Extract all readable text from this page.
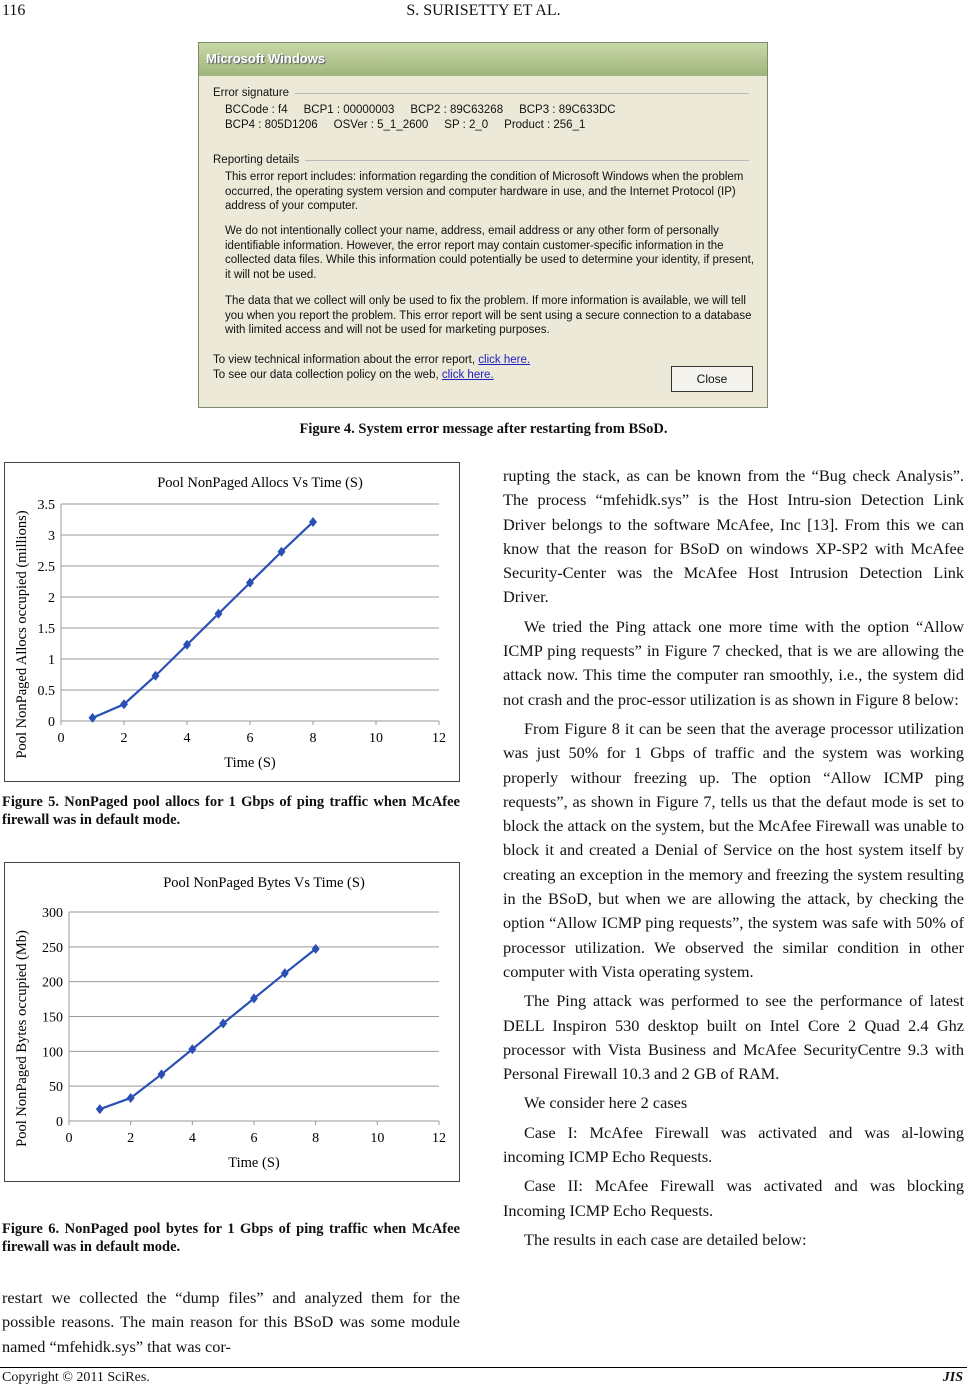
116	S. SURISETTY ET AL.
Microsoft Windows
Error signature
BCCode : f4     BCP1 : 00000003     BCP2 : 89C63268     BCP3 : 89C633DC
BCP4 : 805D1206     OSVer : 5_1_2600     SP : 2_0     Product : 256_1
Reporting details
This error report includes: information regarding the condition of Microsoft Windows when the problem occurred, the operating system version and computer hardware in use, and the Internet Protocol (IP) address of your computer.
We do not intentionally collect your name, address, email address or any other form of personally identifiable information. However, the error report may contain customer-specific information in the collected data files. While this information could potentially be used to determine your identity, if present, it will not be used.
The data that we collect will only be used to fix the problem. If more information is available, we will tell you when you report the problem. This error report will be sent using a secure connection to a database with limited access and will not be used for marketing purposes.
To view technical information about the error report, click here.
To see our data collection policy on the web, click here.	Close
Figure 4. System error message after restarting from BSoD.
0
0.5
1
1.5
2
2.5
3
3.5
0	2	4	6	8	10	12
Pool NonPaged Allocs Vs Time (S)
Time (S)
Pool NonPaged Allocs occupied (millions)
Figure 5. NonPaged pool allocs for 1 Gbps of ping traffic when McAfee firewall was in default mode.
0
50
100
150
200
250
300
0	2	4	6	8	10	12
Pool NonPaged Bytes Vs Time (S)
Time (S)
Pool NonPaged Bytes occupied (Mb)
Figure 6. NonPaged pool bytes for 1 Gbps of ping traffic when McAfee firewall was in default mode.

restart we collected the “dump files” and analyzed them for the possible reasons. The main reason for this BSoD was some module named “mfehidk.sys” that was cor-

rupting the stack, as can be known from the “Bug check Analysis”. The process “mfehidk.sys” is the Host Intru-sion Detection Link Driver belongs to the software McAfee, Inc [13]. From this we can know that the reason for BSoD on windows XP-SP2 with McAfee Security-Center was the McAfee Host Intrusion Detection Link Driver.

We tried the Ping attack one more time with the option “Allow ICMP ping requests” in Figure 7 checked, that is we are allowing the attack now. This time the computer ran smoothly, i.e., the system did not crash and the proc-essor utilization is as shown in Figure 8 below:

From Figure 8 it can be seen that the average processor utilization was just 50% for 1 Gbps of traffic and the system was working properly withour freezing up. The option “Allow ICMP ping requests”, as shown in Figure 7, tells us that the defaut mode is set to block the attack on the system, but the McAfee Firewall was unable to block it and created a Denial of Service on the host system itself by creating an exception in the memory and freezing the system resulting in the BSoD, but when we are allowing the attack, by checking the option “Allow ICMP ping requests”, the system was safe with 50% of processor utilization. We observed the similar condition in other computer with Vista operating system.

The Ping attack was performed to see the performance of latest DELL Inspiron 530 desktop built on Intel Core 2 Quad 2.4 Ghz processor with Vista Business and McAfee SecurityCentre 9.3 with Personal Firewall 10.3 and 2 GB of RAM.

We consider here 2 cases

Case I: McAfee Firewall was activated and was al-lowing incoming ICMP Echo Requests.

Case II: McAfee Firewall was activated and was blocking Incoming ICMP Echo Requests.

The results in each case are detailed below:

Copyright © 2011 SciRes.	JIS
